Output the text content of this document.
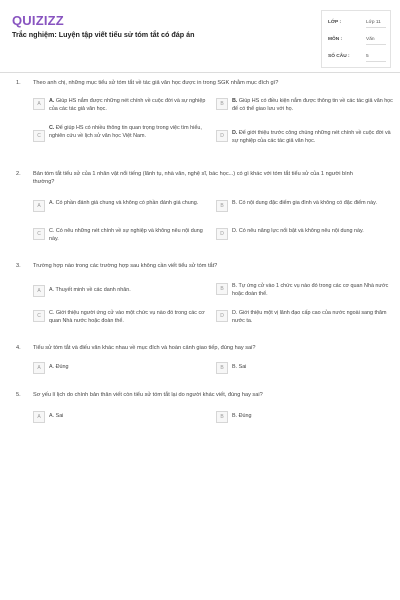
QUIZIZZ
Trắc nghiệm: Luyện tập viết tiểu sử tóm tắt có đáp án
LỚP :	Lớp 11
MÔN :	Văn
SỐ CÂU :	5
1. Theo anh chị, những mục tiểu sử tóm tắt về tác giả văn học được in trong SGK nhằm mục đích gì?
A	A. Giúp HS nắm được những nét chính về cuộc đời và sự nghiệp của các tác giả văn học.
B	B. Giúp HS có điều kiện nắm được thông tin về các tác giả văn học để có thể giao lưu với họ.
C
C. Để giúp HS có nhiều thông tin quan trọng trong việc tìm hiểu, nghiên cứu về lịch sử văn học Việt Nam.	D	D. Để giới thiệu trước công chúng những nét chính về cuộc đời và sự nghiệp của các tác giả văn học.
2. Bản tóm tắt tiểu sử của 1 nhân vật nổi tiếng (lãnh tụ, nhà văn, nghệ sĩ, bác học...) có gì khác với tóm tắt tiểu sử của 1 người bình thường?
A	A. Có phần đánh giá chung và không có phần đánh giá chung.	B	B. Có nội dung đặc điểm gia đình và không có đặc điểm này.
C	C. Có nêu những nét chính về sự nghiệp và không nêu nội dung này.
D	D. Có nêu năng lực nổi bật và không nêu nội dung này.
3. Trường hợp nào trong các trường hợp sau không cần viết tiểu sử tóm tắt?
A	A. Thuyết minh về các danh nhân.	B	B. Tự ứng cử vào 1 chức vụ nào đó trong các cơ quan Nhà nước hoặc đoàn thể.
C	C. Giới thiệu người ứng cử vào một chức vụ nào đó trong các cơ quan Nhà nước hoặc đoàn thể.
D	D. Giới thiệu một vị lãnh đạo cấp cao của nước ngoài sang thăm nước ta.
4. Tiểu sử tóm tắt và điếu văn khác nhau về mục đích và hoàn cảnh giao tiếp, đúng hay sai?
A	A. Đúng	B	B. Sai
5. Sơ yếu lí lịch do chính bản thân viết còn tiểu sử tóm tắt lại do người khác viết, đúng hay sai?
A	A. Sai	B	B. Đúng
